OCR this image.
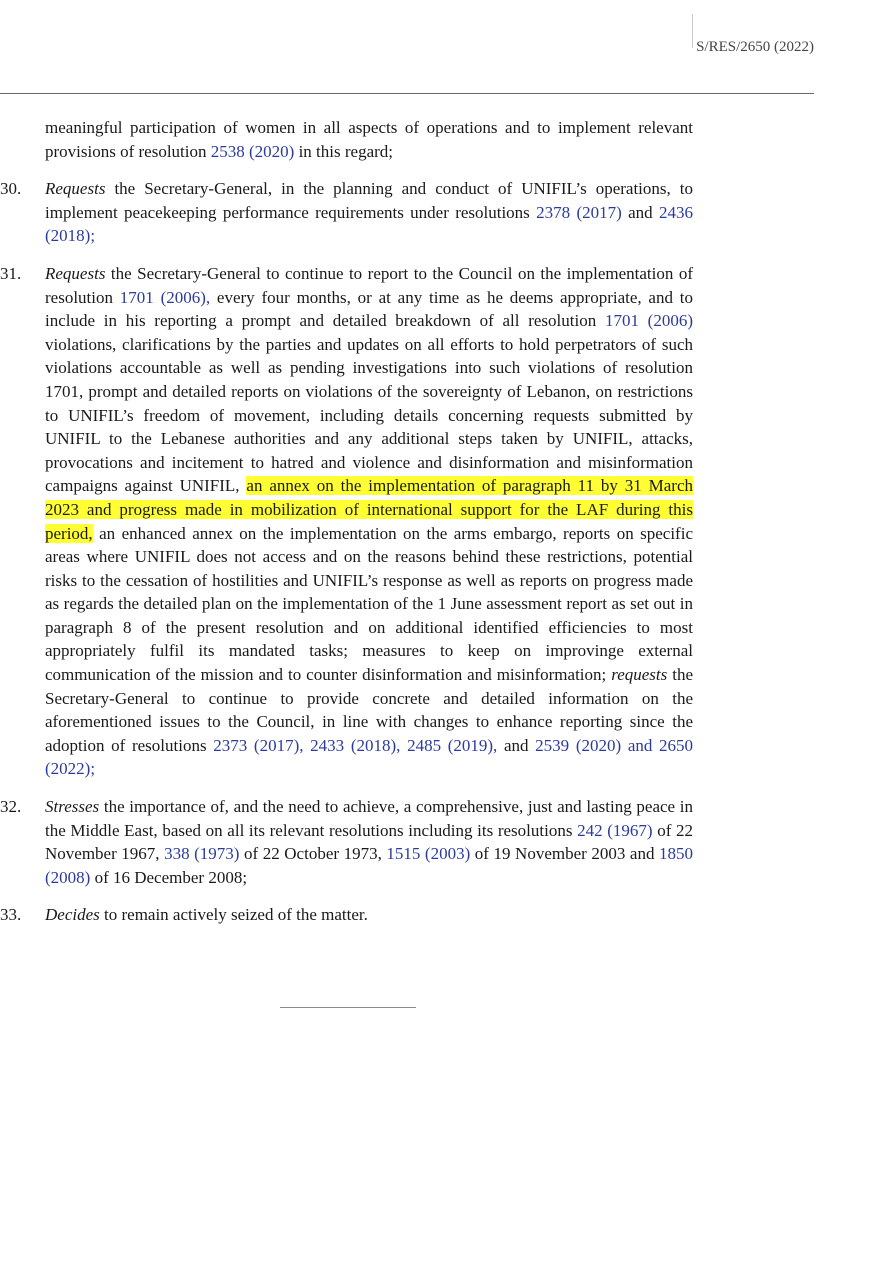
S/RES/2650 (2022)

meaningful participation of women in all aspects of operations and to implement relevant provisions of resolution 2538 (2020) in this regard;

30. Requests the Secretary-General, in the planning and conduct of UNIFIL’s operations, to implement peacekeeping performance requirements under resolutions 2378 (2017) and 2436 (2018);

31. Requests the Secretary-General to continue to report to the Council on the implementation of resolution 1701 (2006), every four months, or at any time as he deems appropriate, and to include in his reporting a prompt and detailed breakdown of all resolution 1701 (2006) violations, clarifications by the parties and updates on all efforts to hold perpetrators of such violations accountable as well as pending investigations into such violations of resolution 1701, prompt and detailed reports on violations of the sovereignty of Lebanon, on restrictions to UNIFIL’s freedom of movement, including details concerning requests submitted by UNIFIL to the Lebanese authorities and any additional steps taken by UNIFIL, attacks, provocations and incitement to hatred and violence and disinformation and misinformation campaigns against UNIFIL, an annex on the implementation of paragraph 11 by 31 March 2023 and progress made in mobilization of international support for the LAF during this period, an enhanced annex on the implementation on the arms embargo, reports on specific areas where UNIFIL does not access and on the reasons behind these restrictions, potential risks to the cessation of hostilities and UNIFIL’s response as well as reports on progress made as regards the detailed plan on the implementation of the 1 June assessment report as set out in paragraph 8 of the present resolution and on additional identified efficiencies to most appropriately fulfil its mandated tasks; measures to keep on improvinge external communication of the mission and to counter disinformation and misinformation; requests the Secretary-General to continue to provide concrete and detailed information on the aforementioned issues to the Council, in line with changes to enhance reporting since the adoption of resolutions 2373 (2017), 2433 (2018), 2485 (2019), and 2539 (2020) and 2650 (2022);

32. Stresses the importance of, and the need to achieve, a comprehensive, just and lasting peace in the Middle East, based on all its relevant resolutions including its resolutions 242 (1967) of 22 November 1967, 338 (1973) of 22 October 1973, 1515 (2003) of 19 November 2003 and 1850 (2008) of 16 December 2008;

33. Decides to remain actively seized of the matter.
